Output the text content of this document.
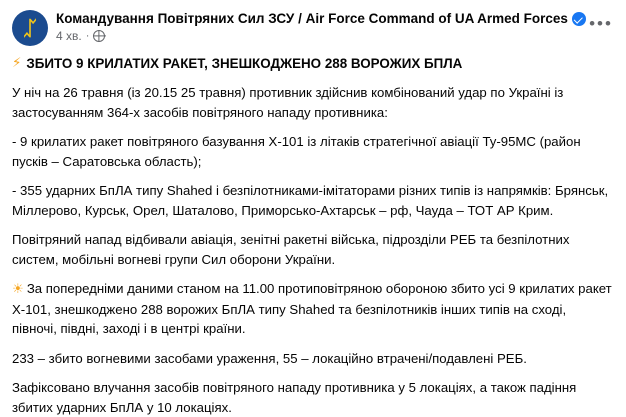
ᛢ Командування Повітряних Сил ЗСУ / Air Force Command of UA Armed Forces
4 хв. ·
•••
⚡ ЗБИТО 9 КРИЛАТИХ РАКЕТ, ЗНЕШКОДЖЕНО 288 ВОРОЖИХ БПЛА

У ніч на 26 травня (із 20.15 25 травня) противник здійснив комбінований удар по Україні із застосуванням 364-х засобів повітряного нападу противника:

- 9 крилатих ракет повітряного базування Х-101 із літаків стратегічної авіації Ту-95МС (район пусків – Саратовська область);

- 355 ударних БпЛА типу Shahed і безпілотниками-імітаторами різних типів із напрямків: Брянськ, Міллерово, Курськ, Орел, Шаталово, Приморсько-Ахтарськ – рф, Чауда – ТОТ АР Крим.

Повітряний напад відбивали авіація, зенітні ракетні війська, підрозділи РЕБ та безпілотних систем, мобільні вогневі групи Сил оборони України.

☀ За попередніми даними станом на 11.00 протиповітряною обороною збито усі 9 крилатих ракет Х-101, знешкоджено 288 ворожих БпЛА типу Shahed та безпілотників інших типів на сході, півночі, півдні, заході і в центрі країни.

233 – збито вогневими засобами ураження, 55 – локаційно втрачені/подавлені РЕБ.

Зафіксовано влучання засобів повітряного нападу противника у 5 локаціях, а також падіння збитих ударних БпЛА у 10 локаціях.
